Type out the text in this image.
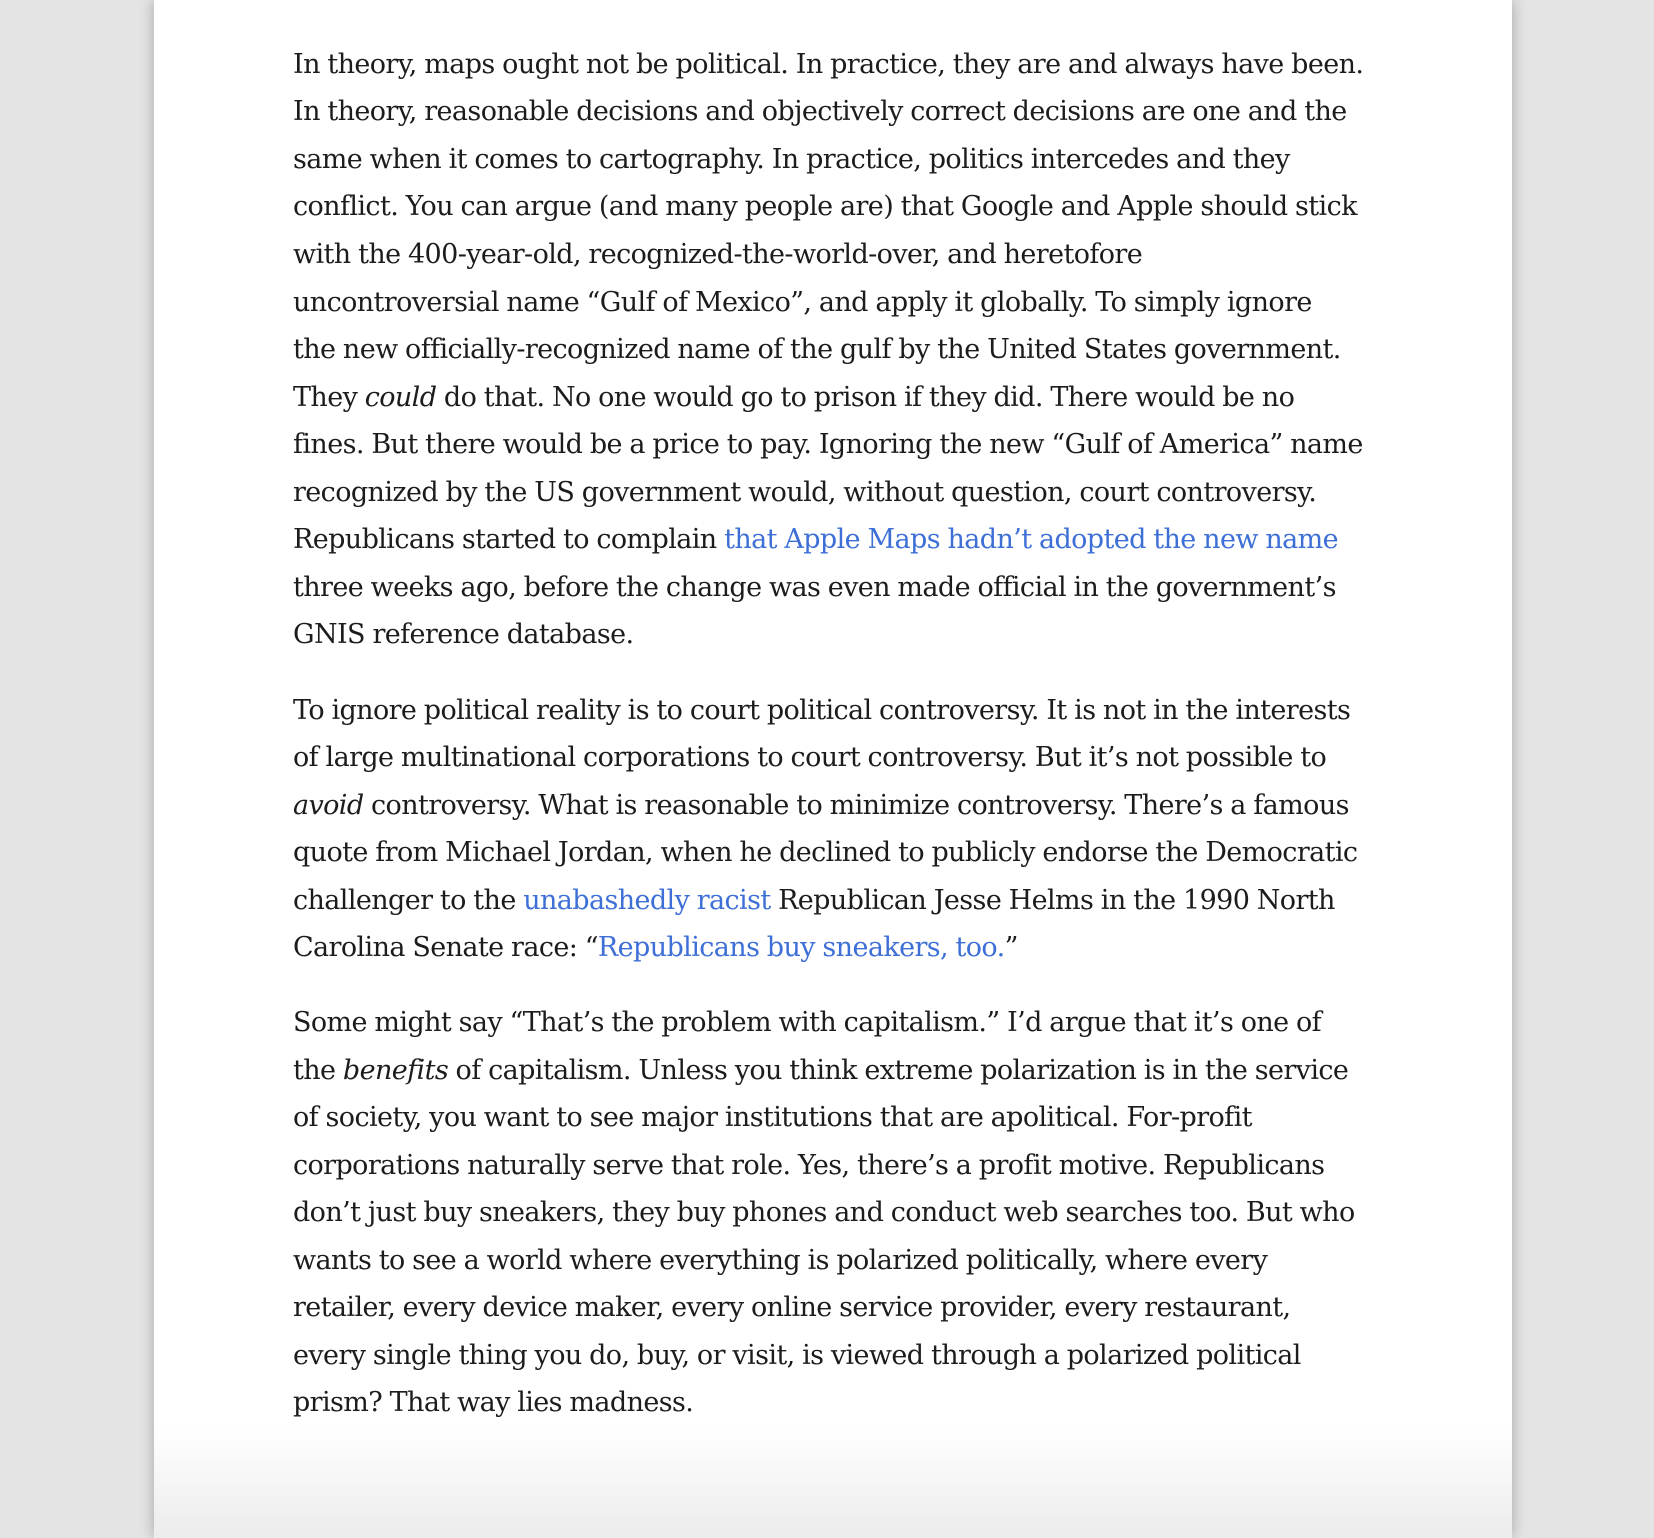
In theory, maps ought not be political. In practice, they are and always have been.
In theory, reasonable decisions and objectively correct decisions are one and the
same when it comes to cartography. In practice, politics intercedes and they
conflict. You can argue (and many people are) that Google and Apple should stick
with the 400-year-old, recognized-the-world-over, and heretofore
uncontroversial name “Gulf of Mexico”, and apply it globally. To simply ignore
the new officially-recognized name of the gulf by the United States government.
They could do that. No one would go to prison if they did. There would be no
fines. But there would be a price to pay. Ignoring the new “Gulf of America” name
recognized by the US government would, without question, court controversy.
Republicans started to complain that Apple Maps hadn’t adopted the new name
three weeks ago, before the change was even made official in the government’s
GNIS reference database.
To ignore political reality is to court political controversy. It is not in the interests
of large multinational corporations to court controversy. But it’s not possible to
avoid controversy. What is reasonable to minimize controversy. There’s a famous
quote from Michael Jordan, when he declined to publicly endorse the Democratic
challenger to the unabashedly racist Republican Jesse Helms in the 1990 North
Carolina Senate race: “Republicans buy sneakers, too.”
Some might say “That’s the problem with capitalism.” I’d argue that it’s one of
the benefits of capitalism. Unless you think extreme polarization is in the service
of society, you want to see major institutions that are apolitical. For-profit
corporations naturally serve that role. Yes, there’s a profit motive. Republicans
don’t just buy sneakers, they buy phones and conduct web searches too. But who
wants to see a world where everything is polarized politically, where every
retailer, every device maker, every online service provider, every restaurant,
every single thing you do, buy, or visit, is viewed through a polarized political
prism? That way lies madness.
